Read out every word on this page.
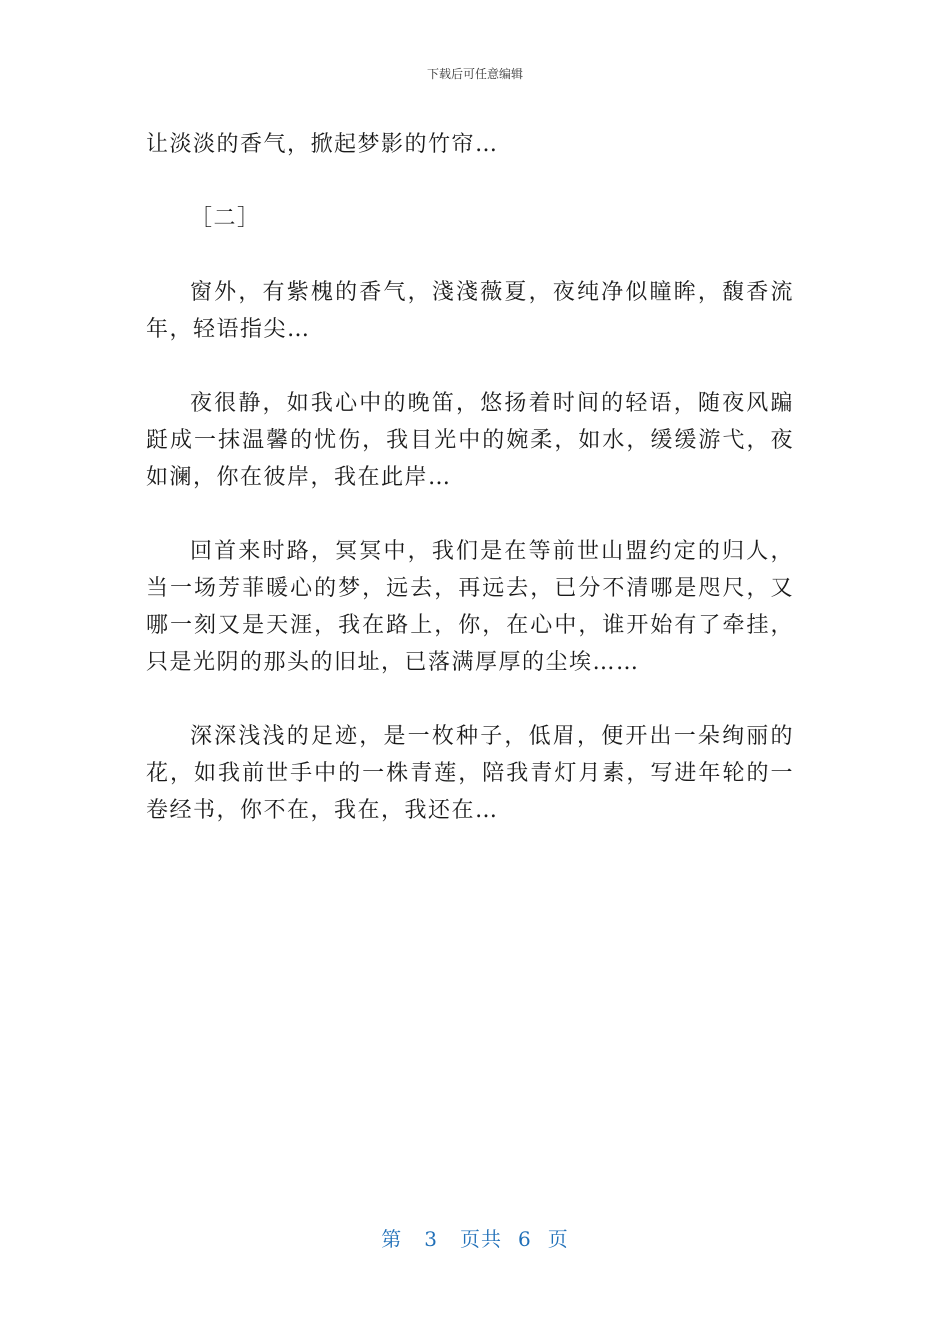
下载后可任意编辑

让淡淡的香气，掀起梦影的竹帘…

［二］

窗外，有紫槐的香气，淺淺薇夏，夜纯净似瞳眸，馥香流年，轻语指尖…

夜很静，如我心中的晚笛，悠扬着时间的轻语，随夜风蹁跹成一抹温馨的忧伤，我目光中的婉柔，如水，缓缓游弋，夜如澜，你在彼岸，我在此岸…

回首来时路，冥冥中，我们是在等前世山盟约定的归人，当一场芳菲暖心的梦，远去，再远去，已分不清哪是咫尺，又哪一刻又是天涯，我在路上，你，在心中，谁开始有了牵挂，只是光阴的那头的旧址，已落满厚厚的尘埃……

深深浅浅的足迹，是一枚种子，低眉，便开出一朵绚丽的花，如我前世手中的一株青莲，陪我青灯月素，写进年轮的一卷经书，你不在，我在，我还在…

第 3 页共 6 页
